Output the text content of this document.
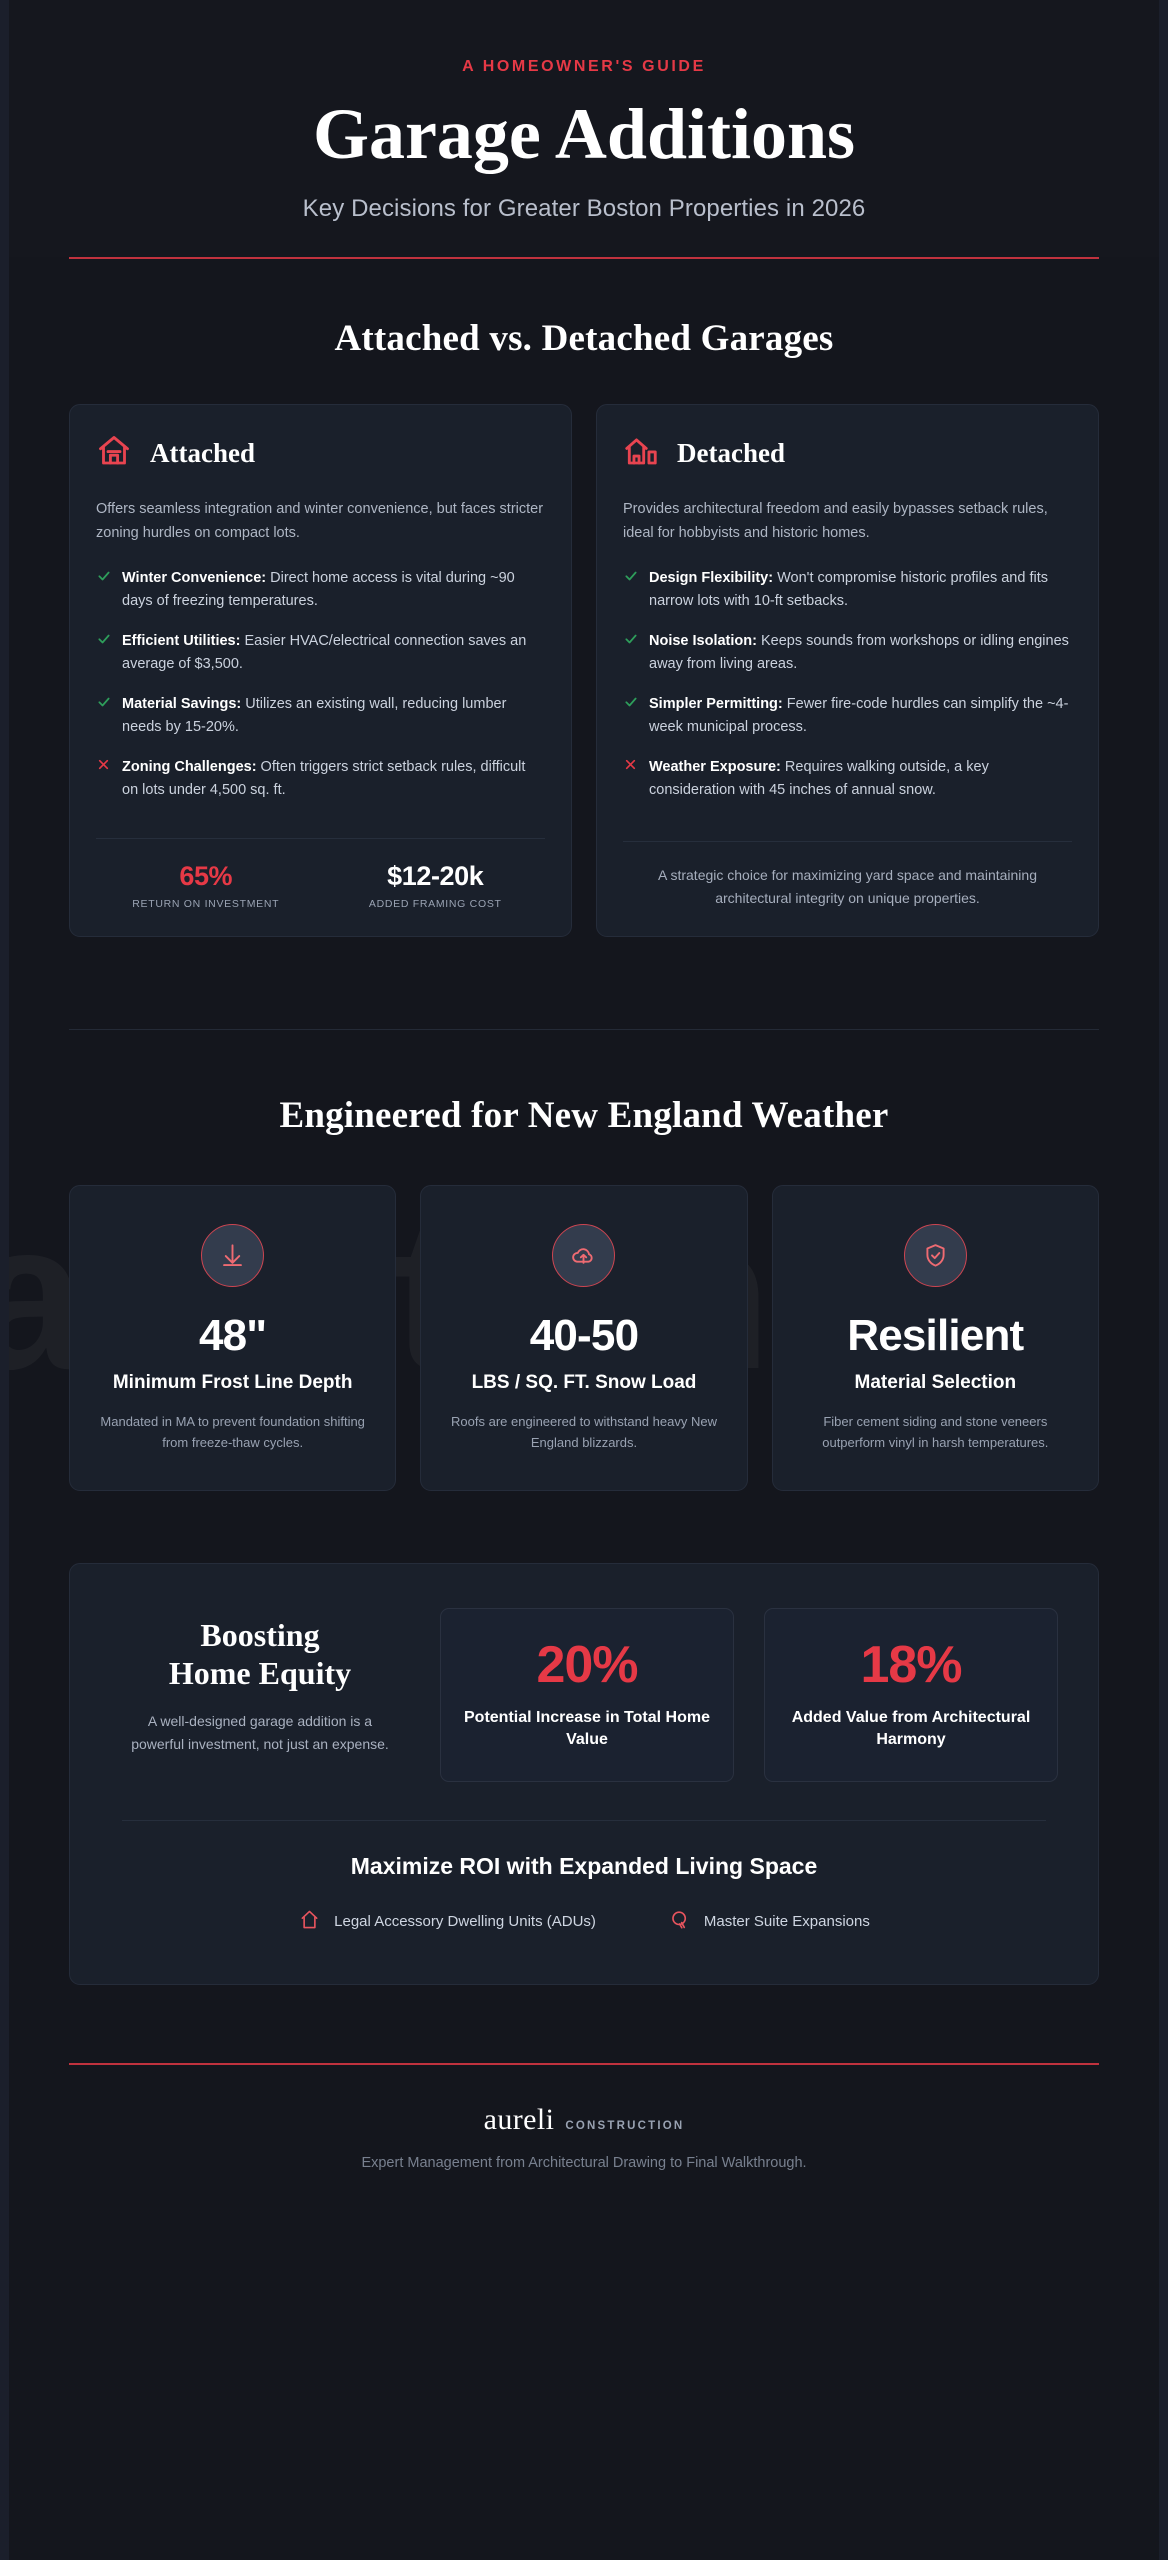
A HOMEOWNER'S GUIDE
Garage Additions
Key Decisions for Greater Boston Properties in 2026
Attached vs. Detached Garages
Attached
Offers seamless integration and winter convenience, but faces stricter zoning hurdles on compact lots.
Winter Convenience: Direct home access is vital during ~90 days of freezing temperatures.
Efficient Utilities: Easier HVAC/electrical connection saves an average of $3,500.
Material Savings: Utilizes an existing wall, reducing lumber needs by 15-20%.
Zoning Challenges: Often triggers strict setback rules, difficult on lots under 4,500 sq. ft.
65%
RETURN ON INVESTMENT
$12-20k
ADDED FRAMING COST
Detached
Provides architectural freedom and easily bypasses setback rules, ideal for hobbyists and historic homes.
Design Flexibility: Won't compromise historic profiles and fits narrow lots with 10-ft setbacks.
Noise Isolation: Keeps sounds from workshops or idling engines away from living areas.
Simpler Permitting: Fewer fire-code hurdles can simplify the ~4-week municipal process.
Weather Exposure: Requires walking outside, a key consideration with 45 inches of annual snow.
A strategic choice for maximizing yard space and maintaining architectural integrity on unique properties.
Engineered for New England Weather
48"
Minimum Frost Line Depth
Mandated in MA to prevent foundation shifting from freeze-thaw cycles.
40-50
LBS / SQ. FT. Snow Load
Roofs are engineered to withstand heavy New England blizzards.
Resilient
Material Selection
Fiber cement siding and stone veneers outperform vinyl in harsh temperatures.
Boosting
Home Equity
A well-designed garage addition is a powerful investment, not just an expense.
20%
Potential Increase in Total Home Value
18%
Added Value from Architectural Harmony
Maximize ROI with Expanded Living Space
Legal Accessory Dwelling Units (ADUs)	Master Suite Expansions
aureli CONSTRUCTION
Expert Management from Architectural Drawing to Final Walkthrough.
